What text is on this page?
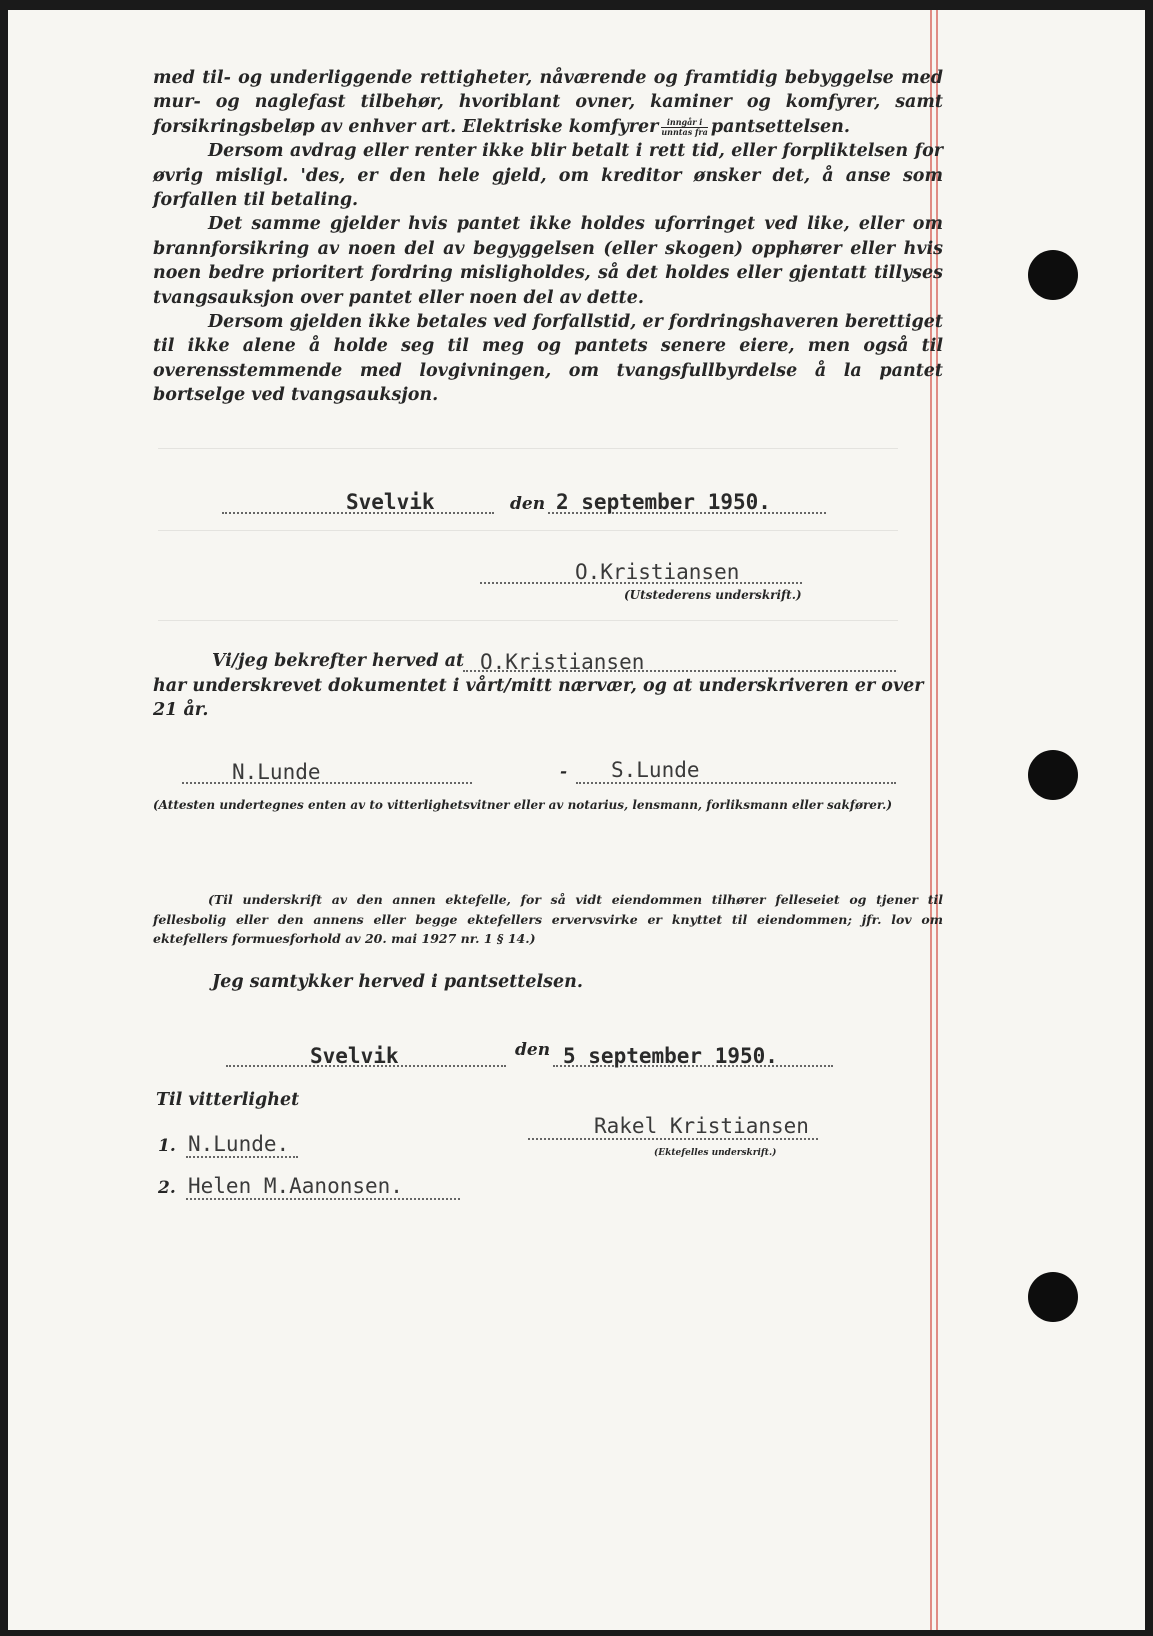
med til- og underliggende rettigheter, nåværende og framtidig bebyggelse med mur- og naglefast tilbehør, hvoriblant ovner, kaminer og komfyrer, samt forsikringsbeløp av enhver art. Elektriske komfyrer $\frac{\text{inngår i}}{\text{unntas fra}}$ pantsettelsen.

Dersom avdrag eller renter ikke blir betalt i rett tid, eller forpliktelsen for øvrig misligl. 'des, er den hele gjeld, om kreditor ønsker det, å anse som forfallen til betaling.

Det samme gjelder hvis pantet ikke holdes uforringet ved like, eller om brannforsikring av noen del av begyggelsen (eller skogen) opphører eller hvis noen bedre prioritert fordring misligholdes, så det holdes eller gjentatt tillyses tvangsauksjon over pantet eller noen del av dette.

Dersom gjelden ikke betales ved forfallstid, er fordringshaveren berettiget til ikke alene å holde seg til meg og pantets senere eiere, men også til overensstemmende med lovgivningen, om tvangsfullbyrdelse å la pantet bortselge ved tvangsauksjon.

Svelvik	den 2 september 1950.
O.Kristiansen
(Utstederens underskrift.)
Vi/jeg bekrefter herved at O.Kristiansen
har underskrevet dokumentet i vårt/mitt nærvær, og at underskriveren er over
21 år.
N.Lunde	- S.Lunde
(Attesten undertegnes enten av to vitterlighetsvitner eller av notarius, lensmann, forliksmann eller sakfører.)

(Til underskrift av den annen ektefelle, for så vidt eiendommen tilhører felleseiet og tjener til fellesbolig eller den annens eller begge ektefellers ervervsvirke er knyttet til eiendommen; jfr. lov om ektefellers formuesforhold av 20. mai 1927 nr. 1 § 14.)

Jeg samtykker herved i pantsettelsen.
Svelvik	den 5 september 1950.
Til vitterlighet
1. N.Lunde.
2. Helen M.Aanonsen.
Rakel Kristiansen
(Ektefelles underskrift.)
